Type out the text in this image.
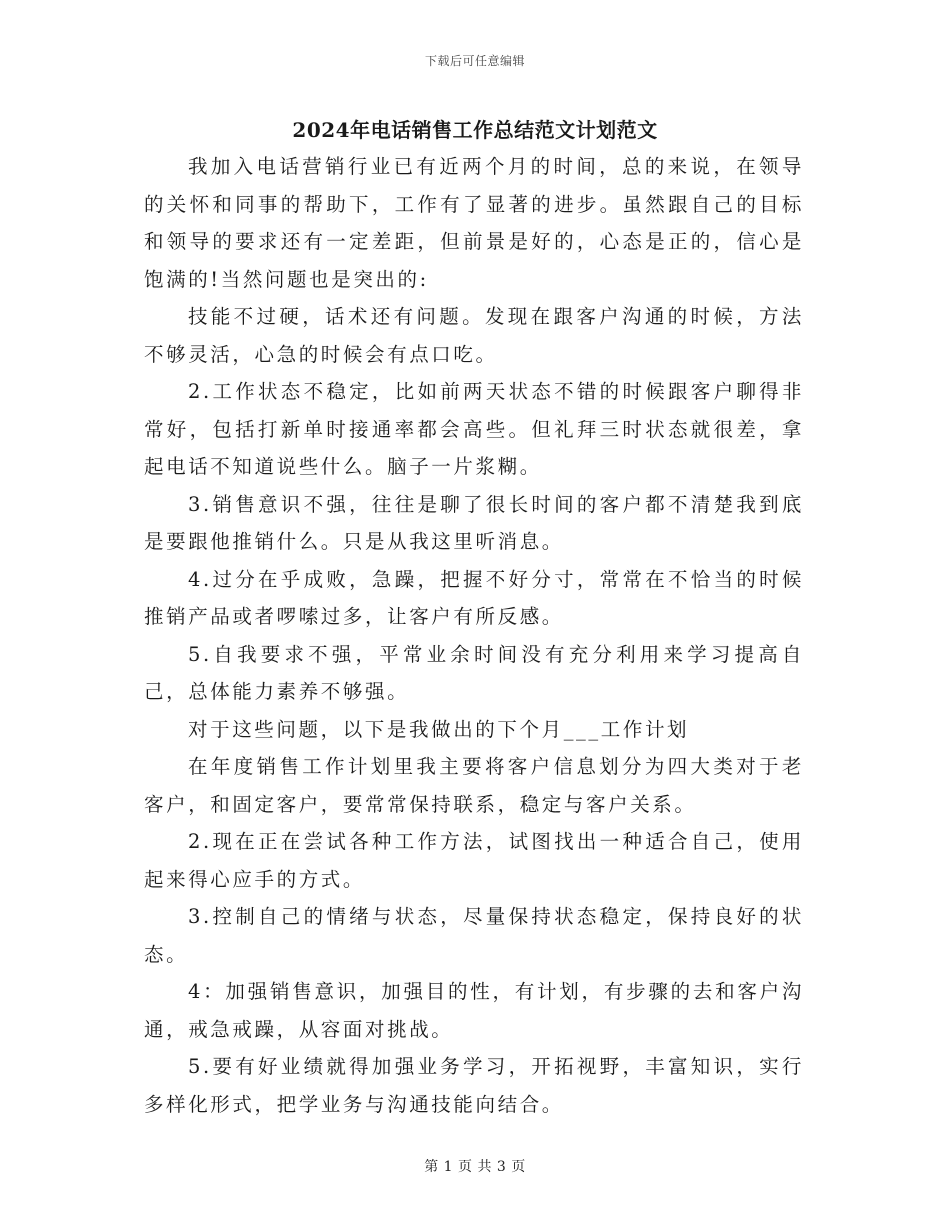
下载后可任意编辑
2024年电话销售工作总结范文计划范文

我加入电话营销行业已有近两个月的时间，总的来说，在领导的关怀和同事的帮助下，工作有了显著的进步。虽然跟自己的目标和领导的要求还有一定差距，但前景是好的，心态是正的，信心是饱满的!当然问题也是突出的:

技能不过硬，话术还有问题。发现在跟客户沟通的时候，方法不够灵活，心急的时候会有点口吃。

2.工作状态不稳定，比如前两天状态不错的时候跟客户聊得非常好，包括打新单时接通率都会高些。但礼拜三时状态就很差，拿起电话不知道说些什么。脑子一片浆糊。

3.销售意识不强，往往是聊了很长时间的客户都不清楚我到底是要跟他推销什么。只是从我这里听消息。

4.过分在乎成败，急躁，把握不好分寸，常常在不恰当的时候推销产品或者啰嗦过多，让客户有所反感。

5.自我要求不强，平常业余时间没有充分利用来学习提高自己，总体能力素养不够强。

对于这些问题，以下是我做出的下个月___工作计划

在年度销售工作计划里我主要将客户信息划分为四大类对于老客户，和固定客户，要常常保持联系，稳定与客户关系。

2.现在正在尝试各种工作方法，试图找出一种适合自己，使用起来得心应手的方式。

3.控制自己的情绪与状态，尽量保持状态稳定，保持良好的状态。

4：加强销售意识，加强目的性，有计划，有步骤的去和客户沟通，戒急戒躁，从容面对挑战。

5.要有好业绩就得加强业务学习，开拓视野，丰富知识，实行多样化形式，把学业务与沟通技能向结合。

第 1 页 共 3 页
